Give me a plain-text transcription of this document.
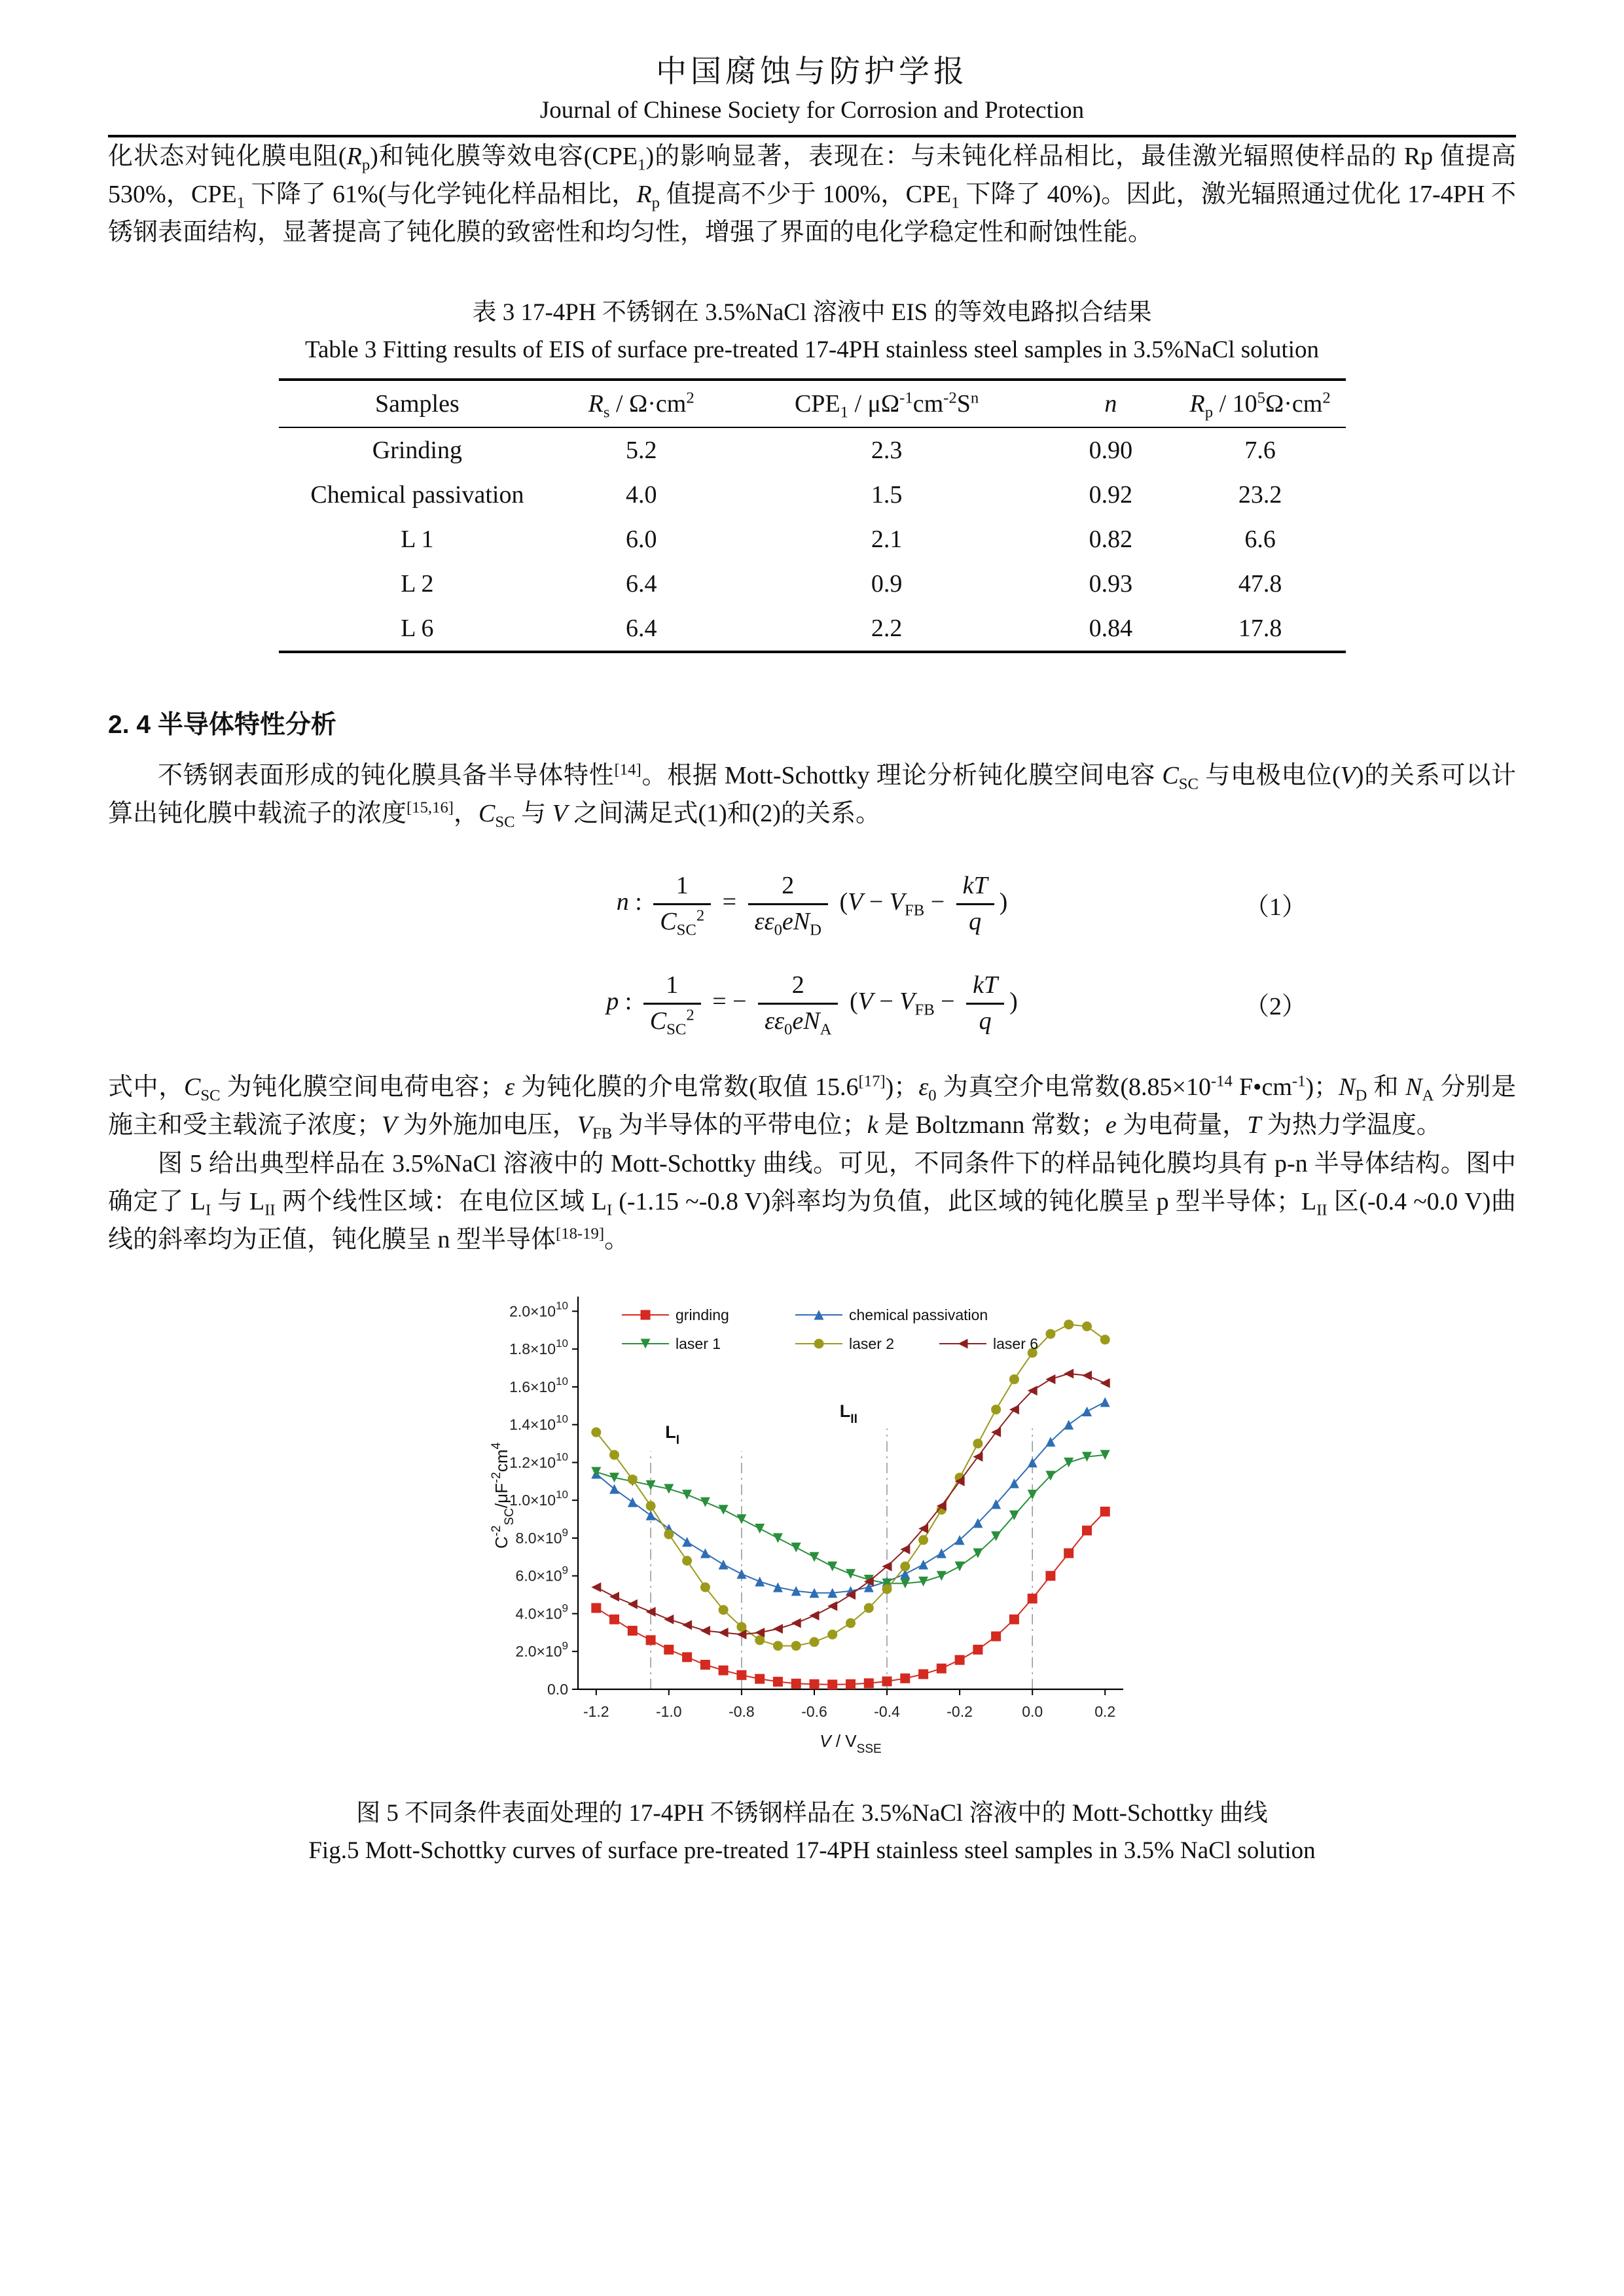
中国腐蚀与防护学报
Journal of Chinese Society for Corrosion and Protection

化状态对钝化膜电阻$(R_p)$和钝化膜等效电容$(CPE_1)$的影响显著，表现在：与未钝化样品相比，最佳激光辐照使样品的 Rp 值提高 530%，$CPE_1$ 下降了 61%(与化学钝化样品相比，$R_p$ 值提高不少于 100%，$CPE_1$ 下降了 40%)。因此，激光辐照通过优化 17-4PH 不锈钢表面结构，显著提高了钝化膜的致密性和均匀性，增强了界面的电化学稳定性和耐蚀性能。

表 3 17-4PH 不锈钢在 3.5%NaCl 溶液中 EIS 的等效电路拟合结果
Table 3 Fitting results of EIS of surface pre-treated 17-4PH stainless steel samples in 3.5%NaCl solution
Samples	$R_s / \Omega\cdot cm^2$	$CPE_1 / \mu\Omega^{-1}cm^{-2}S^n$	n	$R_p / 10^5\Omega\cdot cm^2$
Grinding	5.2	2.3	0.90	7.6
Chemical passivation	4.0	1.5	0.92	23.2
L 1	6.0	2.1	0.82	6.6
L 2	6.4	0.9	0.93	47.8
L 6	6.4	2.2	0.84	17.8
2. 4 半导体特性分析

不锈钢表面形成的钝化膜具备半导体特性[14]。根据 Mott-Schottky 理论分析钝化膜空间电容 $C_{SC}$ 与电极电位(V)的关系可以计算出钝化膜中载流子的浓度[15,16]，$C_{SC}$ 与 V 之间满足式(1)和(2)的关系。

n : $\frac{1}{C_{SC}^2} = \frac{2}{\varepsilon\varepsilon_0eN_D} (V - V_{FB} - \frac{kT}{q}$ )	（1）
p : $\frac{1}{C_{SC}^2}$ = − $\frac{2}{\varepsilon\varepsilon_0eN_A} (V - V_{FB} - \frac{kT}{q}$ )	（2）

式中，$C_{SC}$ 为钝化膜空间电荷电容；ε 为钝化膜的介电常数(取值 15.6[17])；$\varepsilon_0$ 为真空介电常数($8.85\times 10^{-14}$ $F•cm^{-1}$)；$N_D$ 和 $N_A$ 分别是施主和受主载流子浓度；V 为外施加电压，$V_{FB}$ 为半导体的平带电位；k 是 Boltzmann 常数；e 为电荷量，T 为热力学温度。

图 5 给出典型样品在 3.5%NaCl 溶液中的 Mott-Schottky 曲线。可见，不同条件下的样品钝化膜均具有 p-n 半导体结构。图中确定了 $L_I$ 与 $L_{II}$ 两个线性区域：在电位区域 $L_I$ (-1.15 ~-0.8 V)斜率均为负值，此区域的钝化膜呈 p 型半导体；$L_{II}$ 区(-0.4 ~0.0 V)曲线的斜率均为正值，钝化膜呈 n 型半导体[18-19]。

0.0
$2.0\times 10^9$
$4.0\times 10^9$
$6.0\times 10^9$
$8.0\times 10^9$
$1.0\times 10^{10}$
$1.2\times 10^{10}$
$1.4\times 10^{10}$
$1.6\times 10^{10}$
$1.8\times 10^{10}$
$2.0\times 10^{10}$
-1.2	-1.0	-0.8	-0.6	-0.4	-0.2	0.0	0.2
grinding	chemical passivation
laser 1	laser 2	laser 6
$L_I$
$L_{II}$
V / $V_{SSE}$
$C^{-2}_{SC}/\mu F^{-2}cm^4$
图 5 不同条件表面处理的 17-4PH 不锈钢样品在 3.5%NaCl 溶液中的 Mott-Schottky 曲线
Fig.5 Mott-Schottky curves of surface pre-treated 17-4PH stainless steel samples in 3.5% NaCl solution
